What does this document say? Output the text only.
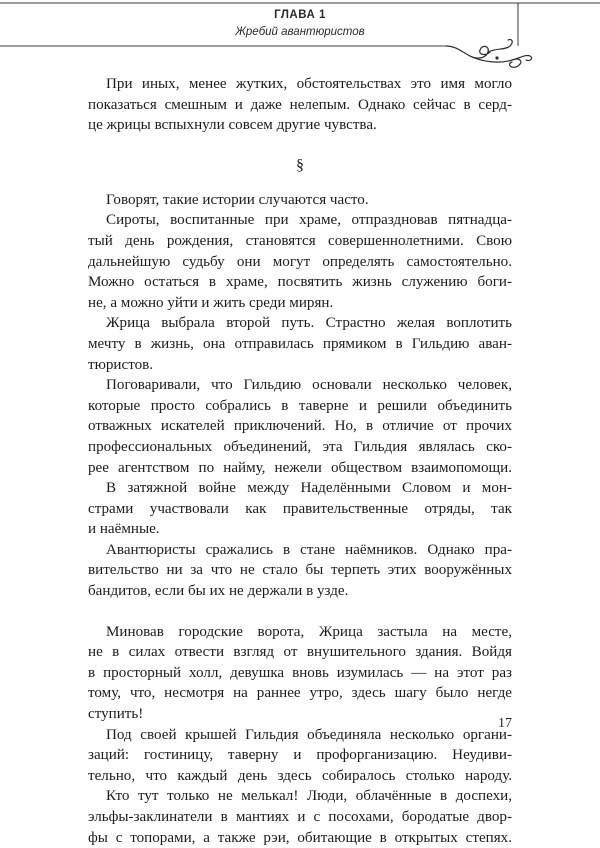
ГЛАВА 1
Жребий авантюристов
При иных, менее жутких, обстоятельствах это имя могло
показаться смешным и даже нелепым. Однако сейчас в серд-
це жрицы вспыхнули совсем другие чувства.
§
Говорят, такие истории случаются часто.
Сироты, воспитанные при храме, отпраздновав пятнадца-
тый день рождения, становятся совершеннолетними. Свою
дальнейшую судьбу они могут определять самостоятельно.
Можно остаться в храме, посвятить жизнь служению боги-
не, а можно уйти и жить среди мирян.
Жрица выбрала второй путь. Страстно желая воплотить
мечту в жизнь, она отправилась прямиком в Гильдию аван-
тюристов.
Поговаривали, что Гильдию основали несколько человек,
которые просто собрались в таверне и решили объединить
отважных искателей приключений. Но, в отличие от прочих
профессиональных объединений, эта Гильдия являлась ско-
рее агентством по найму, нежели обществом взаимопомощи.
В затяжной войне между Наделёнными Словом и мон-
страми участвовали как правительственные отряды, так
и наёмные.
Авантюристы сражались в стане наёмников. Однако пра-
вительство ни за что не стало бы терпеть этих вооружённых
бандитов, если бы их не держали в узде.
Миновав городские ворота, Жрица застыла на месте,
не в силах отвести взгляд от внушительного здания. Войдя
в просторный холл, девушка вновь изумилась — на этот раз
тому, что, несмотря на раннее утро, здесь шагу было негде
ступить!
Под своей крышей Гильдия объединяла несколько органи-
заций: гостиницу, таверну и профорганизацию. Неудиви-
тельно, что каждый день здесь собиралось столько народу.
Кто тут только не мелькал! Люди, облачённые в доспехи,
эльфы-заклинатели в мантиях и с посохами, бородатые двор-
фы с топорами, а также рэи, обитающие в открытых степях.
17
